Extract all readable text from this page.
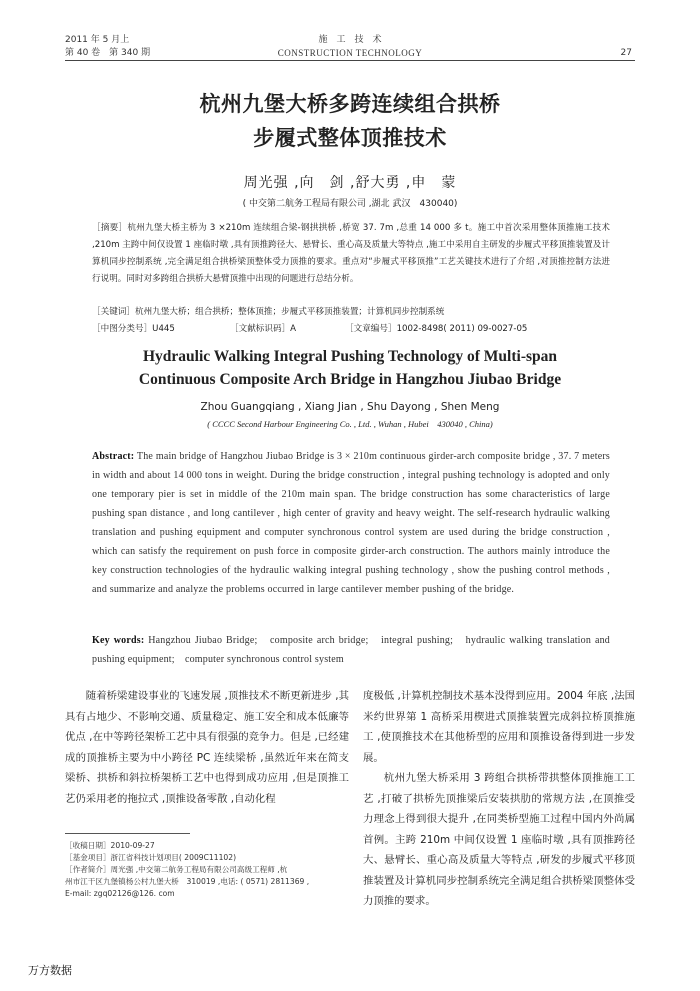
2011 年 5 月上
第 40 卷　第 340 期
施　工　技　术
CONSTRUCTION TECHNOLOGY	27
杭州九堡大桥多跨连续组合拱桥
步履式整体顶推技术
周光强 ,向　剑 ,舒大勇 ,申　蒙
( 中交第二航务工程局有限公司 ,湖北 武汉　430040)
［摘要］杭州九堡大桥主桥为 3 ×210m 连续组合梁-钢拱拱桥 ,桥宽 37. 7m ,总重 14 000 多 t。施工中首次采用整体顶推施工技术 ,210m 主跨中间仅设置 1 座临时墩 ,具有顶推跨径大、悬臂长、重心高及质量大等特点 ,施工中采用自主研发的步履式平移顶推装置及计算机同步控制系统 ,完全满足组合拱桥梁顶整体受力顶推的要求。重点对“步履式平移顶推”工艺关键技术进行了介绍 ,对顶推控制方法进行说明。同时对多跨组合拱桥大悬臂顶推中出现的问题进行总结分析。
［关键词］杭州九堡大桥；组合拱桥；整体顶推；步履式平移顶推装置；计算机同步控制系统
［中图分类号］U445	［文献标识码］A	［文章编号］1002-8498( 2011) 09-0027-05
Hydraulic Walking Integral Pushing Technology of Multi-span
Continuous Composite Arch Bridge in Hangzhou Jiubao Bridge
Zhou Guangqiang , Xiang Jian , Shu Dayong , Shen Meng
( CCCC Second Harbour Engineering Co. , Ltd. , Wuhan , Hubei　430040 , China)
Abstract: The main bridge of Hangzhou Jiubao Bridge is 3 × 210m continuous girder-arch composite bridge , 37. 7 meters in width and about 14 000 tons in weight. During the bridge construction , integral pushing technology is adopted and only one temporary pier is set in middle of the 210m main span. The bridge construction has some characteristics of large pushing span distance , and long cantilever , high center of gravity and heavy weight. The self-research hydraulic walking translation and pushing equipment and computer synchronous control system are used during the bridge construction , which can satisfy the requirement on push force in composite girder-arch construction. The authors mainly introduce the key construction technologies of the hydraulic walking integral pushing technology , show the pushing control methods , and summarize and analyze the problems occurred in large cantilever member pushing of the bridge.
Key words: Hangzhou Jiubao Bridge;　composite arch bridge;　integral pushing;　hydraulic walking translation and pushing equipment;　computer synchronous control system

随着桥梁建设事业的飞速发展 ,顶推技术不断更新进步 ,其具有占地少、不影响交通、质量稳定、施工安全和成本低廉等优点 ,在中等跨径架桥工艺中具有很强的竞争力。但是 ,已经建成的顶推桥主要为中小跨径 PC 连续梁桥 ,虽然近年来在简支梁桥、拱桥和斜拉桥架桥工艺中也得到成功应用 ,但是顶推工艺仍采用老的拖拉式 ,顶推设备零散 ,自动化程

度极低 ,计算机控制技术基本没得到应用。2004 年底 ,法国米约世界第 1 高桥采用楔进式顶推装置完成斜拉桥顶推施工 ,使顶推技术在其他桥型的应用和顶推设备得到进一步发展。

杭州九堡大桥采用 3 跨组合拱桥带拱整体顶推施工工艺 ,打破了拱桥先顶推梁后安装拱肋的常规方法 ,在顶推受力理念上得到很大提升 ,在同类桥型施工过程中国内外尚属首例。主跨 210m 中间仅设置 1 座临时墩 ,具有顶推跨径大、悬臂长、重心高及质量大等特点 ,研发的步履式平移顶推装置及计算机同步控制系统完全满足组合拱桥梁顶整体受力顶推的要求。

［收稿日期］2010-09-27
［基金项目］浙江省科技计划项目( 2009C11102)
［作者简介］周光强 ,中交第二航务工程局有限公司高级工程师 ,杭
州市江干区九堡镇杨公村九堡大桥　310019 ,电话: ( 0571) 2811369 ,
E-mail: zgq02126@126. com
万方数据
